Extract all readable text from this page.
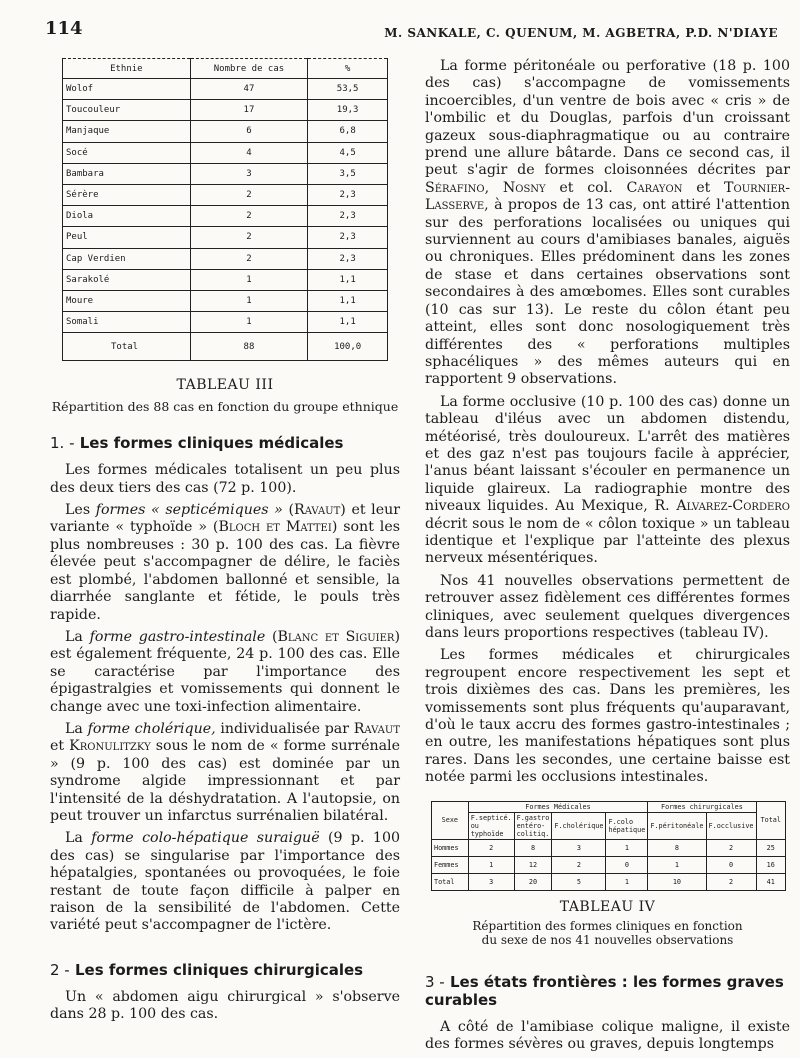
114	M. SANKALE, C. QUENUM, M. AGBETRA, P.D. N'DIAYE
Ethnie	Nombre de cas	%
Wolof	47	53,5
Toucouleur	17	19,3
Manjaque	6	6,8
Socé	4	4,5
Bambara	3	3,5
Sérère	2	2,3
Diola	2	2,3
Peul	2	2,3
Cap Verdien	2	2,3
Sarakolé	1	1,1
Moure	1	1,1
Somali	1	1,1
Total	88	100,0
TABLEAU III
Répartition des 88 cas en fonction du groupe ethnique
1. - Les formes cliniques médicales

Les formes médicales totalisent un peu plus des deux tiers des cas (72 p. 100).

Les formes « septicémiques » (Ravaut) et leur variante « typhoïde » (Bloch et Mattei) sont les plus nombreuses : 30 p. 100 des cas. La fièvre élevée peut s'accompagner de délire, le faciès est plombé, l'abdomen ballonné et sensible, la diarrhée sanglante et fétide, le pouls très rapide.

La forme gastro-intestinale (Blanc et Siguier) est également fréquente, 24 p. 100 des cas. Elle se caractérise par l'importance des épigastralgies et vomissements qui donnent le change avec une toxi-infection alimentaire.

La forme cholérique, individualisée par Ravaut et Kronulitzky sous le nom de « forme surrénale » (9 p. 100 des cas) est dominée par un syndrome algide impressionnant et par l'intensité de la déshydratation. A l'autopsie, on peut trouver un infarctus surrénalien bilatéral.

La forme colo-hépatique suraiguë (9 p. 100 des cas) se singularise par l'importance des hépatalgies, spontanées ou provoquées, le foie restant de toute façon difficile à palper en raison de la sensibilité de l'abdomen. Cette variété peut s'accompagner de l'ictère.

2 - Les formes cliniques chirurgicales

Un « abdomen aigu chirurgical » s'observe dans 28 p. 100 des cas.

La forme péritonéale ou perforative (18 p. 100 des cas) s'accompagne de vomissements incoercibles, d'un ventre de bois avec « cris » de l'ombilic et du Douglas, parfois d'un croissant gazeux sous-diaphragmatique ou au contraire prend une allure bâtarde. Dans ce second cas, il peut s'agir de formes cloisonnées décrites par Sérafino, Nosny et col. Carayon et Tournier-Lasserve, à propos de 13 cas, ont attiré l'attention sur des perforations localisées ou uniques qui surviennent au cours d'amibiases banales, aiguës ou chroniques. Elles prédominent dans les zones de stase et dans certaines observations sont secondaires à des amœbomes. Elles sont curables (10 cas sur 13). Le reste du côlon étant peu atteint, elles sont donc nosologiquement très différentes des « perforations multiples sphacéliques » des mêmes auteurs qui en rapportent 9 observations.

La forme occlusive (10 p. 100 des cas) donne un tableau d'iléus avec un abdomen distendu, météorisé, très douloureux. L'arrêt des matières et des gaz n'est pas toujours facile à apprécier, l'anus béant laissant s'écouler en permanence un liquide glaireux. La radiographie montre des niveaux liquides. Au Mexique, R. Alvarez-Cordero décrit sous le nom de « côlon toxique » un tableau identique et l'explique par l'atteinte des plexus nerveux mésentériques.

Nos 41 nouvelles observations permettent de retrouver assez fidèlement ces différentes formes cliniques, avec seulement quelques divergences dans leurs proportions respectives (tableau IV).

Les formes médicales et chirurgicales regroupent encore respectivement les sept et trois dixièmes des cas. Dans les premières, les vomissements sont plus fréquents qu'auparavant, d'où le taux accru des formes gastro-intestinales ; en outre, les manifestations hépatiques sont plus rares. Dans les secondes, une certaine baisse est notée parmi les occlusions intestinales.

Sexe	Formes Médicales				Formes chirurgicales		Total
	F.septicé. ou typhoïde	F.gastro entéro-colitiq.	F.cholérique	F.colo hépatique	F.péritonéale	F.occlusive	
Hommes	2	8	3	1	8	2	25
Femmes	1	12	2	0	1	0	16
Total	3	20	5	1	10	2	41
TABLEAU IV
Répartition des formes cliniques en fonction du sexe de nos 41 nouvelles observations
3 - Les états frontières : les formes graves curables

A côté de l'amibiase colique maligne, il existe des formes sévères ou graves, depuis longtemps
